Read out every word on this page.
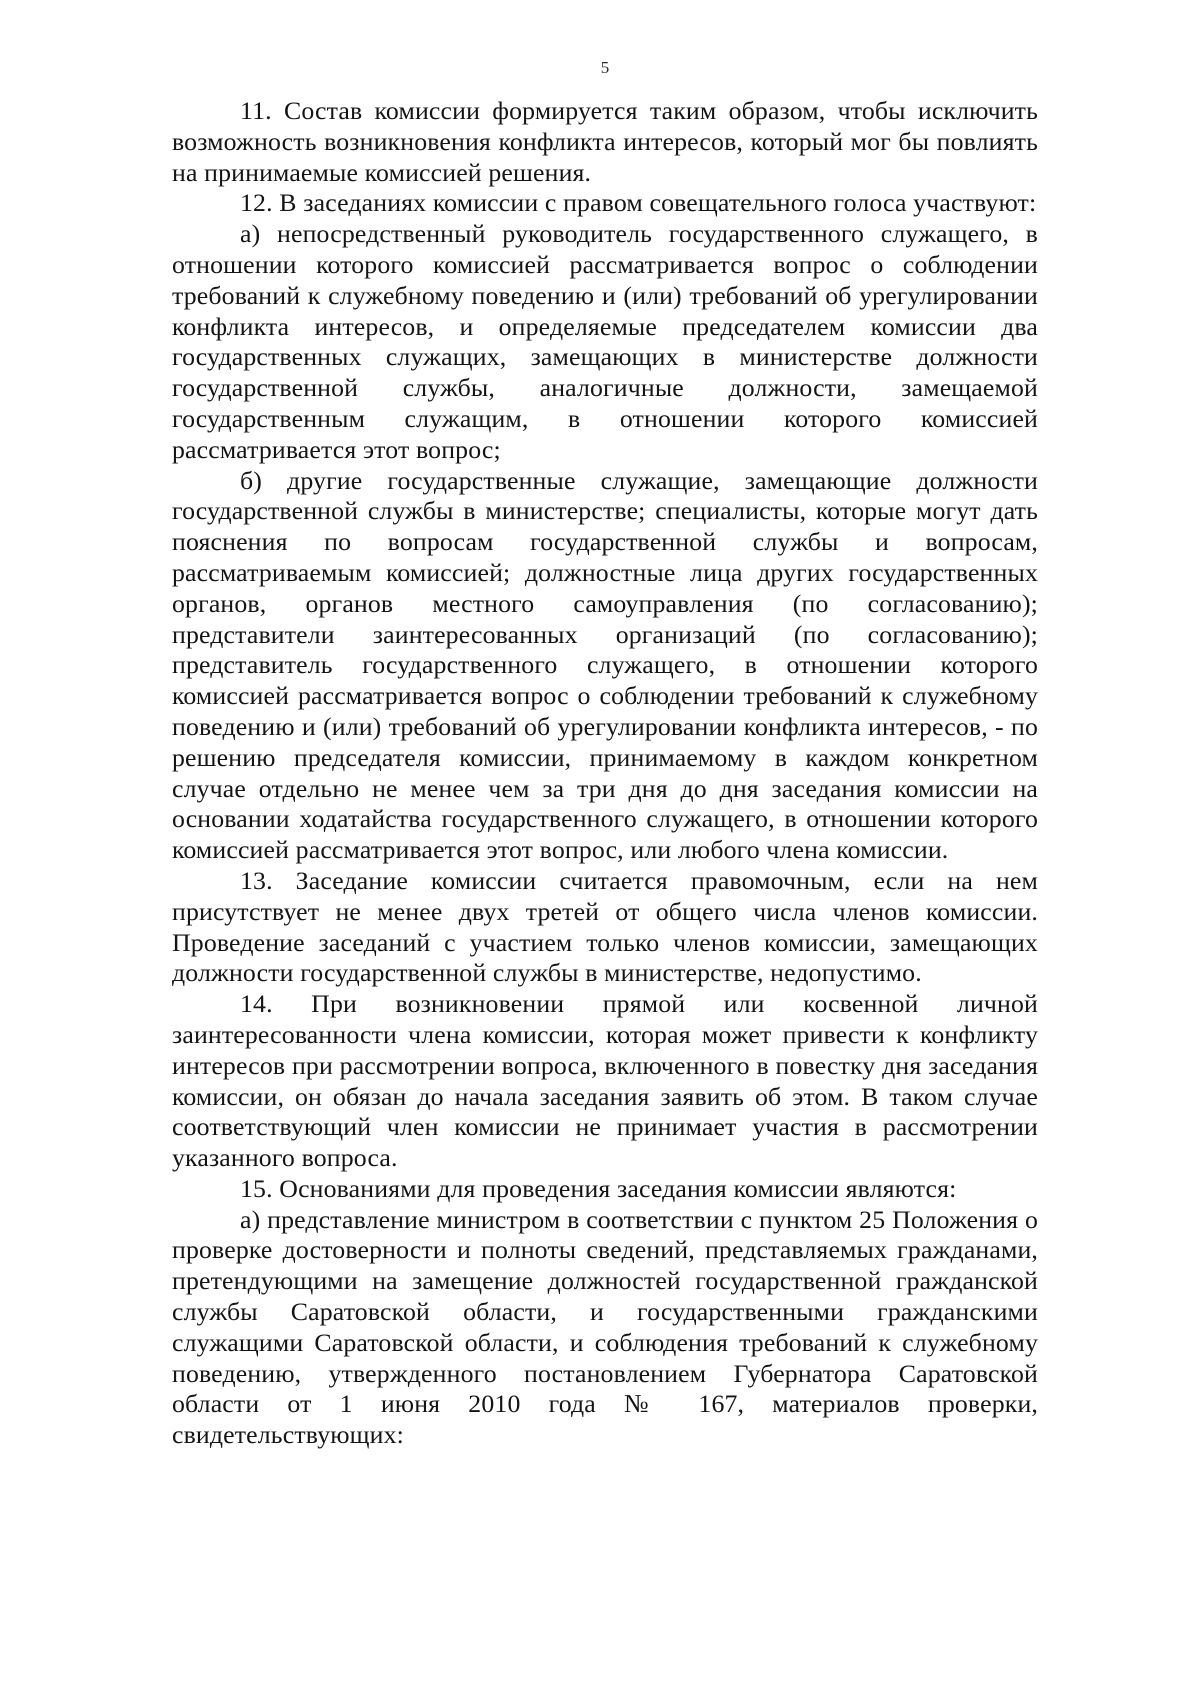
5

11. Состав комиссии формируется таким образом, чтобы исключить возможность возникновения конфликта интересов, который мог бы повлиять на принимаемые комиссией решения.

12. В заседаниях комиссии с правом совещательного голоса участвуют:

а) непосредственный руководитель государственного служащего, в отношении которого комиссией рассматривается вопрос о соблюдении требований к служебному поведению и (или) требований об урегулировании конфликта интересов, и определяемые председателем комиссии два государственных служащих, замещающих в министерстве должности государственной службы, аналогичные должности, замещаемой государственным служащим, в отношении которого комиссией рассматривается этот вопрос;

б) другие государственные служащие, замещающие должности государственной службы в министерстве; специалисты, которые могут дать пояснения по вопросам государственной службы и вопросам, рассматриваемым комиссией; должностные лица других государственных органов, органов местного самоуправления (по согласованию); представители заинтересованных организаций (по согласованию); представитель государственного служащего, в отношении которого комиссией рассматривается вопрос о соблюдении требований к служебному поведению и (или) требований об урегулировании конфликта интересов, - по решению председателя комиссии, принимаемому в каждом конкретном случае отдельно не менее чем за три дня до дня заседания комиссии на основании ходатайства государственного служащего, в отношении которого комиссией рассматривается этот вопрос, или любого члена комиссии.

13. Заседание комиссии считается правомочным, если на нем присутствует не менее двух третей от общего числа членов комиссии. Проведение заседаний с участием только членов комиссии, замещающих должности государственной службы в министерстве, недопустимо.

14. При возникновении прямой или косвенной личной заинтересованности члена комиссии, которая может привести к конфликту интересов при рассмотрении вопроса, включенного в повестку дня заседания комиссии, он обязан до начала заседания заявить об этом. В таком случае соответствующий член комиссии не принимает участия в рассмотрении указанного вопроса.

15. Основаниями для проведения заседания комиссии являются:

а) представление министром в соответствии с пунктом 25 Положения о проверке достоверности и полноты сведений, представляемых гражданами, претендующими на замещение должностей государственной гражданской службы Саратовской области, и государственными гражданскими служащими Саратовской области, и соблюдения требований к служебному поведению, утвержденного постановлением Губернатора Саратовской области от 1 июня 2010 года № 167, материалов проверки, свидетельствующих:
